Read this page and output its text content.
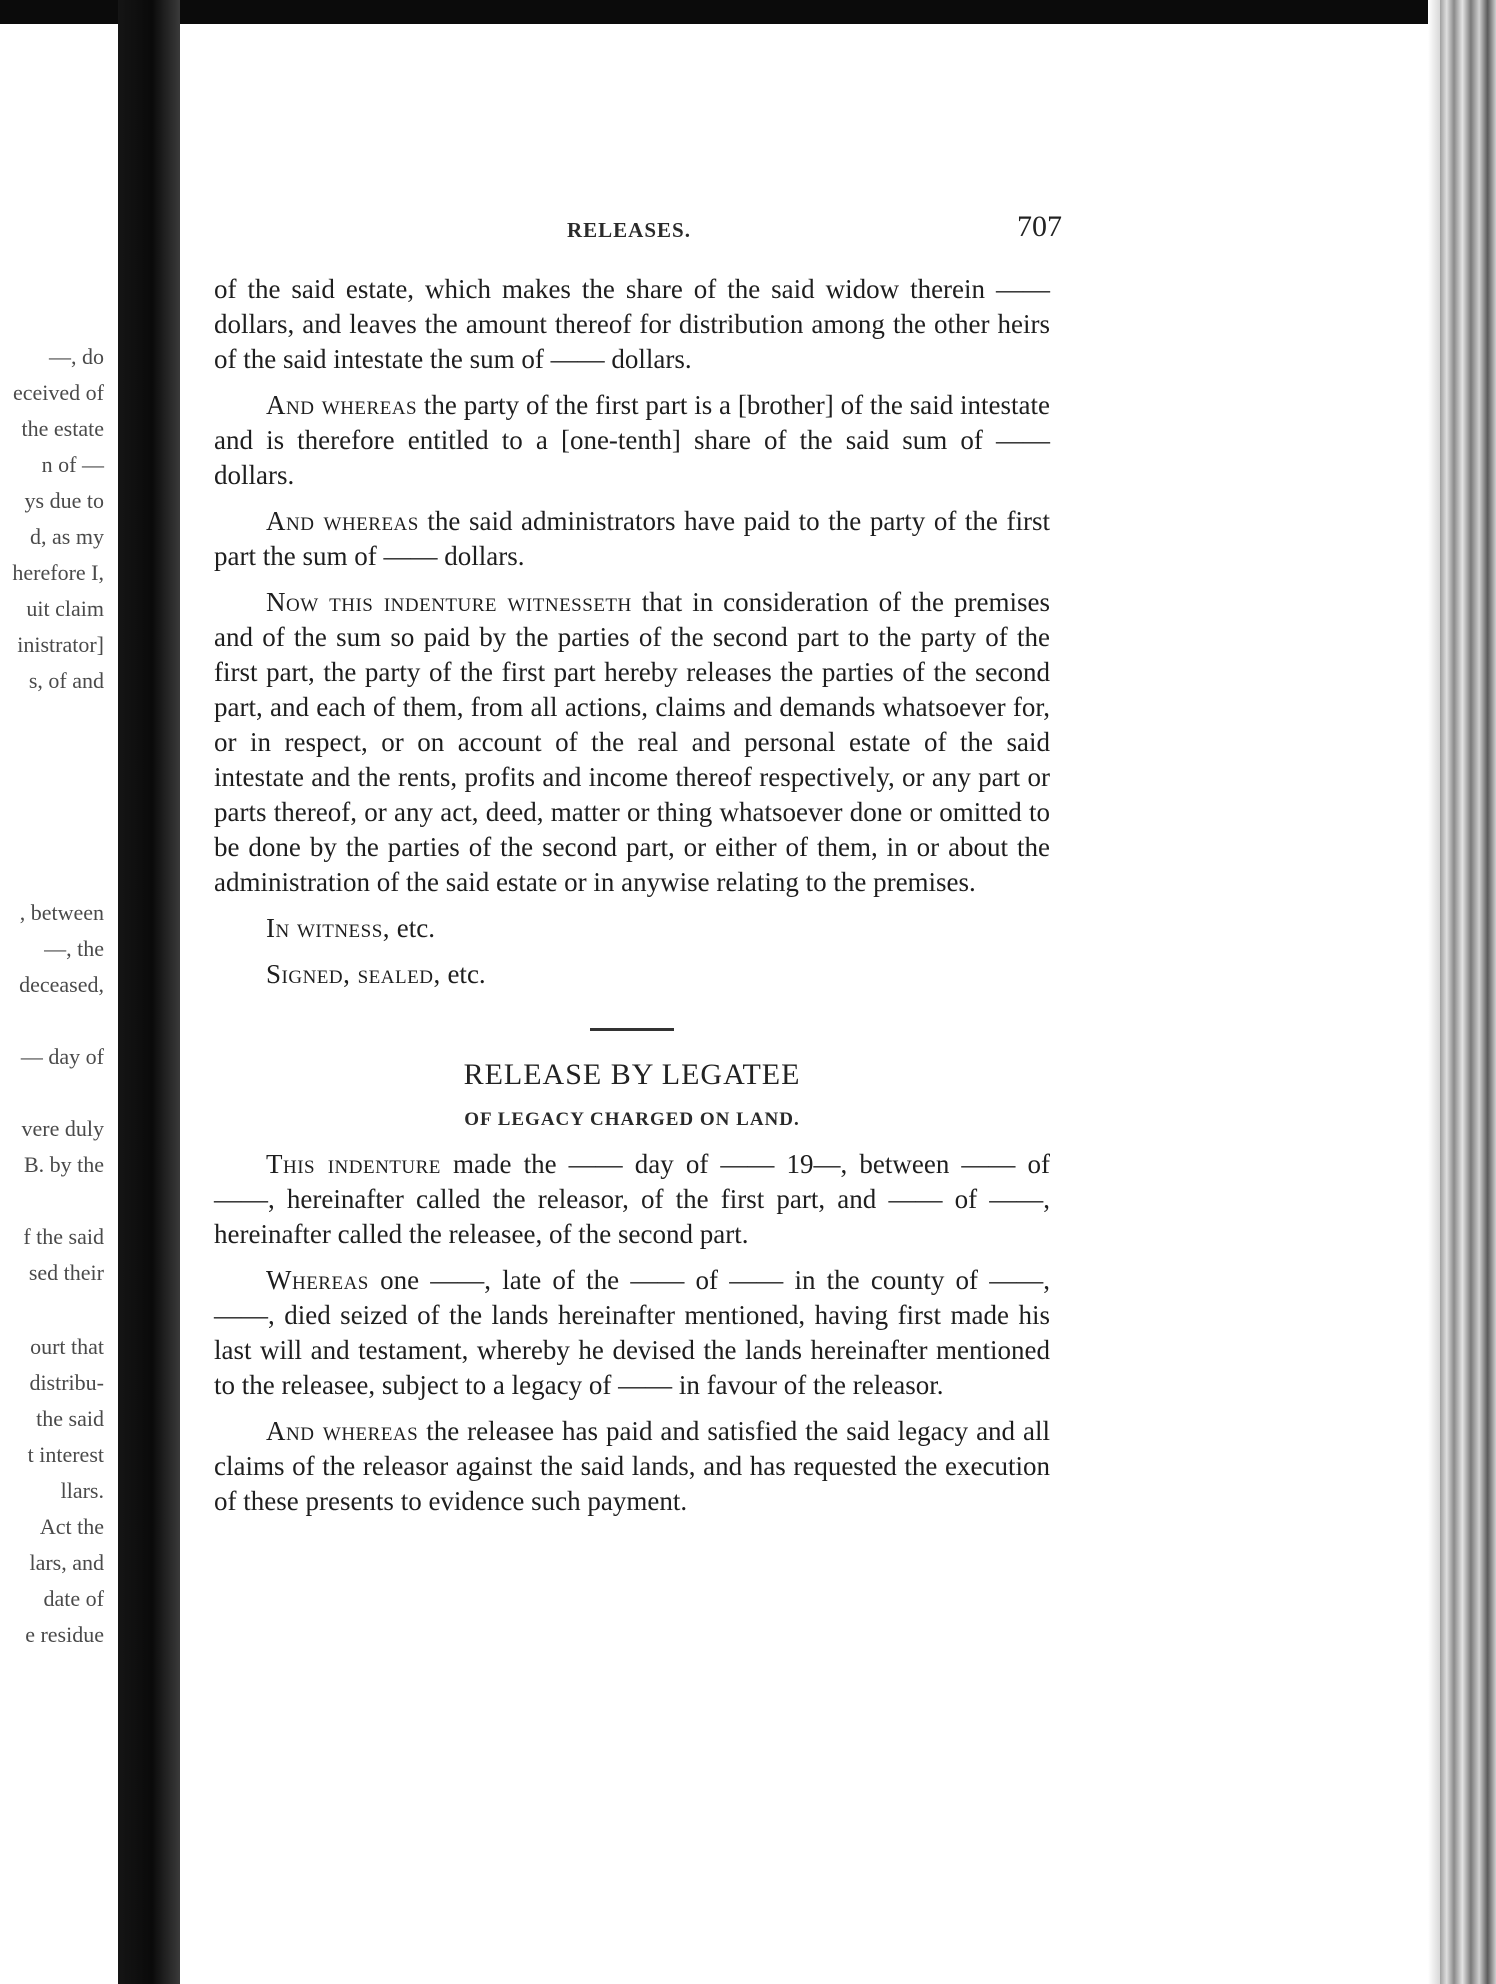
—, do
eceived of
the estate
n of —
ys due to
d, as my
herefore I,
uit claim
inistrator]
s, of and
, between
—, the
deceased,
— day of
vere duly
B. by the
f the said
sed their
ourt that
distribu-
the said
t interest
llars.
Act the
lars, and
date of
e residue
RELEASES.	707

of the said estate, which makes the share of the said widow therein —— dollars, and leaves the amount thereof for distribution among the other heirs of the said intestate the sum of —— dollars.

And whereas the party of the first part is a [brother] of the said intestate and is therefore entitled to a [one-tenth] share of the said sum of —— dollars.

And whereas the said administrators have paid to the party of the first part the sum of —— dollars.

Now this indenture witnesseth that in consideration of the premises and of the sum so paid by the parties of the second part to the party of the first part, the party of the first part hereby releases the parties of the second part, and each of them, from all actions, claims and demands whatsoever for, or in respect, or on account of the real and personal estate of the said intestate and the rents, profits and income thereof respectively, or any part or parts thereof, or any act, deed, matter or thing whatsoever done or omitted to be done by the parties of the second part, or either of them, in or about the administration of the said estate or in anywise relating to the premises.

In witness, etc.

Signed, sealed, etc.

RELEASE BY LEGATEE
OF LEGACY CHARGED ON LAND.

This indenture made the —— day of —— 19—, between —— of ——, hereinafter called the releasor, of the first part, and —— of ——, hereinafter called the releasee, of the second part.

Whereas one ——, late of the —— of —— in the county of ——, ——, died seized of the lands hereinafter mentioned, having first made his last will and testament, whereby he devised the lands hereinafter mentioned to the releasee, subject to a legacy of —— in favour of the releasor.

And whereas the releasee has paid and satisfied the said legacy and all claims of the releasor against the said lands, and has requested the execution of these presents to evidence such payment.
